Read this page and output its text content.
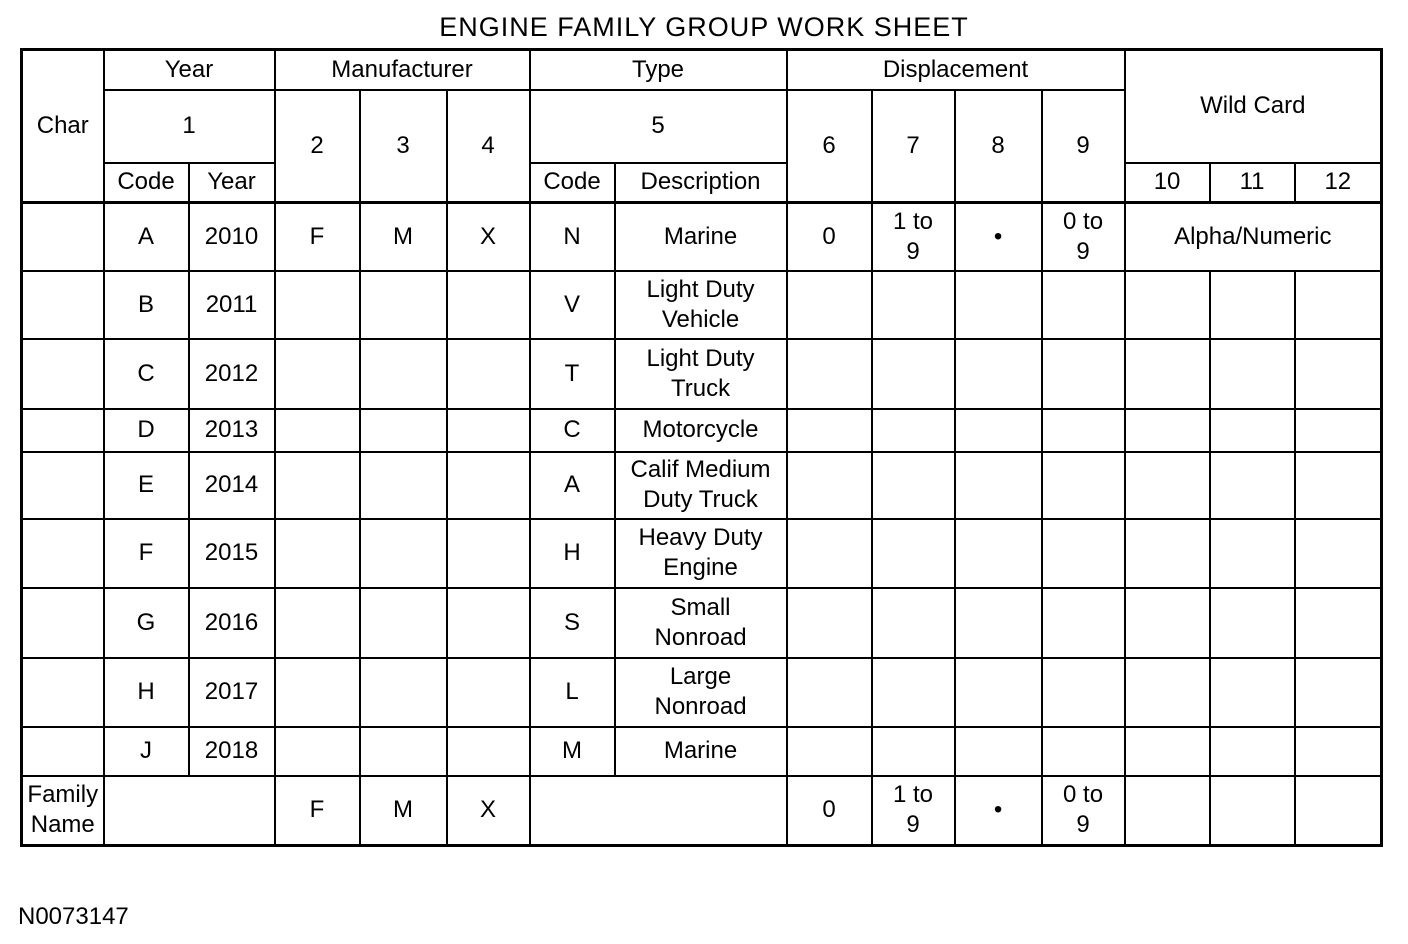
ENGINE FAMILY GROUP WORK SHEET
Char	Year		Manufacturer			Type		Displacement				Wild Card		
	1		2	3	4	5		6	7	8	9			
	Code	Year				Code	Description					10	11	12
	A	2010	F	M	X	N	Marine	0	1 to
9	•	0 to
9	Alpha/Numeric		
	B	2011				V	Light Duty
Vehicle							
	C	2012				T	Light Duty
Truck							
	D	2013				C	Motorcycle							
	E	2014				A	Calif Medium
Duty Truck							
	F	2015				H	Heavy Duty
Engine							
	G	2016				S	Small
Nonroad							
	H	2017				L	Large
Nonroad							
	J	2018				M	Marine							
Family
Name			F	M	X			0	1 to
9	•	0 to
9			
N0073147
